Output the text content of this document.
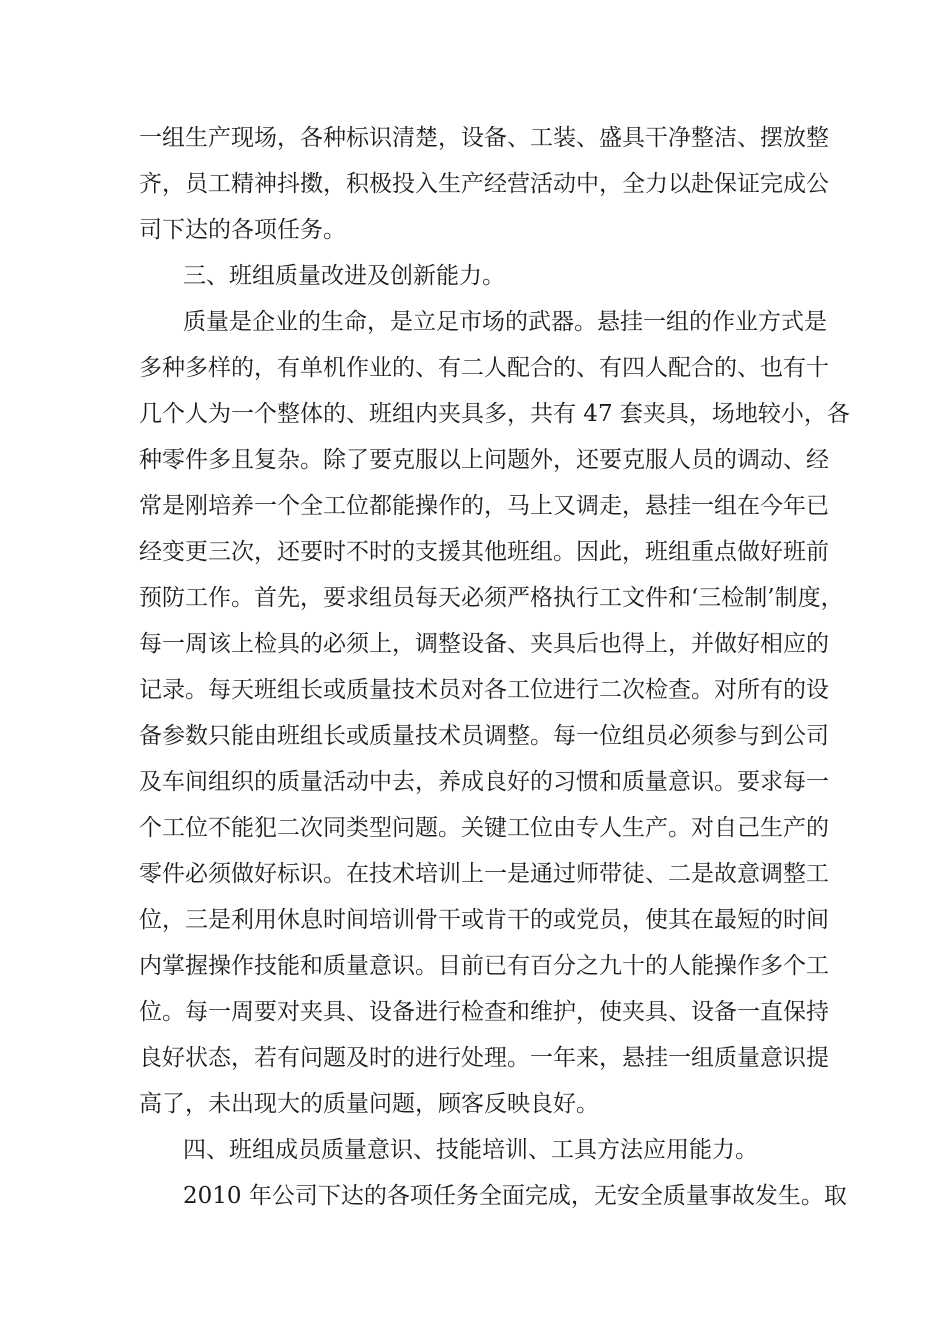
一组生产现场，各种标识清楚，设备、工装、盛具干净整洁、摆放整
齐，员工精神抖擞，积极投入生产经营活动中，全力以赴保证完成公
司下达的各项任务。
三、班组质量改进及创新能力。
质量是企业的生命，是立足市场的武器。悬挂一组的作业方式是
多种多样的，有单机作业的、有二人配合的、有四人配合的、也有十
几个人为一个整体的、班组内夹具多，共有 47 套夹具，场地较小，各
种零件多且复杂。除了要克服以上问题外，还要克服人员的调动、经
常是刚培养一个全工位都能操作的，马上又调走，悬挂一组在今年已
经变更三次，还要时不时的支援其他班组。因此，班组重点做好班前
预防工作。首先，要求组员每天必须严格执行工文件和‘三检制’制度，
每一周该上检具的必须上，调整设备、夹具后也得上，并做好相应的
记录。每天班组长或质量技术员对各工位进行二次检查。对所有的设
备参数只能由班组长或质量技术员调整。每一位组员必须参与到公司
及车间组织的质量活动中去，养成良好的习惯和质量意识。要求每一
个工位不能犯二次同类型问题。关键工位由专人生产。对自己生产的
零件必须做好标识。在技术培训上一是通过师带徒、二是故意调整工
位，三是利用休息时间培训骨干或肯干的或党员，使其在最短的时间
内掌握操作技能和质量意识。目前已有百分之九十的人能操作多个工
位。每一周要对夹具、设备进行检查和维护，使夹具、设备一直保持
良好状态，若有问题及时的进行处理。一年来，悬挂一组质量意识提
高了，未出现大的质量问题，顾客反映良好。
四、班组成员质量意识、技能培训、工具方法应用能力。
2010 年公司下达的各项任务全面完成，无安全质量事故发生。取
